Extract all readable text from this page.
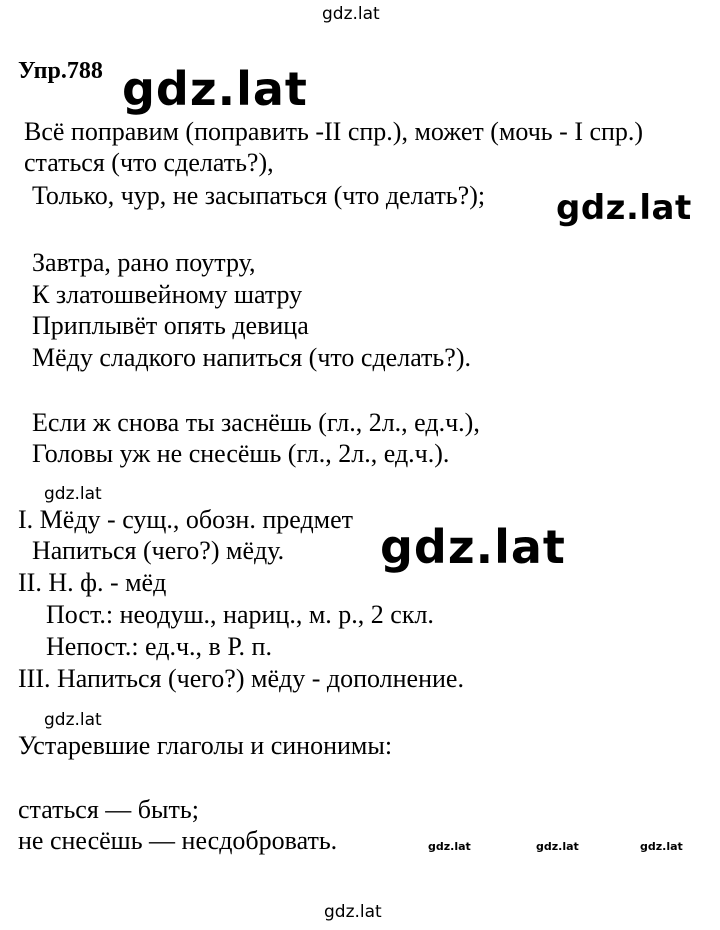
gdz.lat
gdz.lat
gdz.lat
gdz.lat
gdz.lat
gdz.lat
gdz.lat	gdz.lat	gdz.lat
gdz.lat
Упр.788
Всё поправим (поправить -II спр.), может (мочь - I спр.)
статься (что сделать?),
Только, чур, не засыпаться (что делать?);
Завтра, рано поутру,
К златошвейному шатру
Приплывёт опять девица
Мёду сладкого напиться (что сделать?).
Если ж снова ты заснёшь (гл., 2л., ед.ч.),
Головы уж не снесёшь (гл., 2л., ед.ч.).
I. Мёду - сущ., обозн. предмет
Напиться (чего?) мёду.
II. Н. ф. - мёд
Пост.: неодуш., нариц., м. р., 2 скл.
Непост.: ед.ч., в Р. п.
III. Напиться (чего?) мёду - дополнение.
Устаревшие глаголы и синонимы:
статься — быть;
не снесёшь — несдобровать.
